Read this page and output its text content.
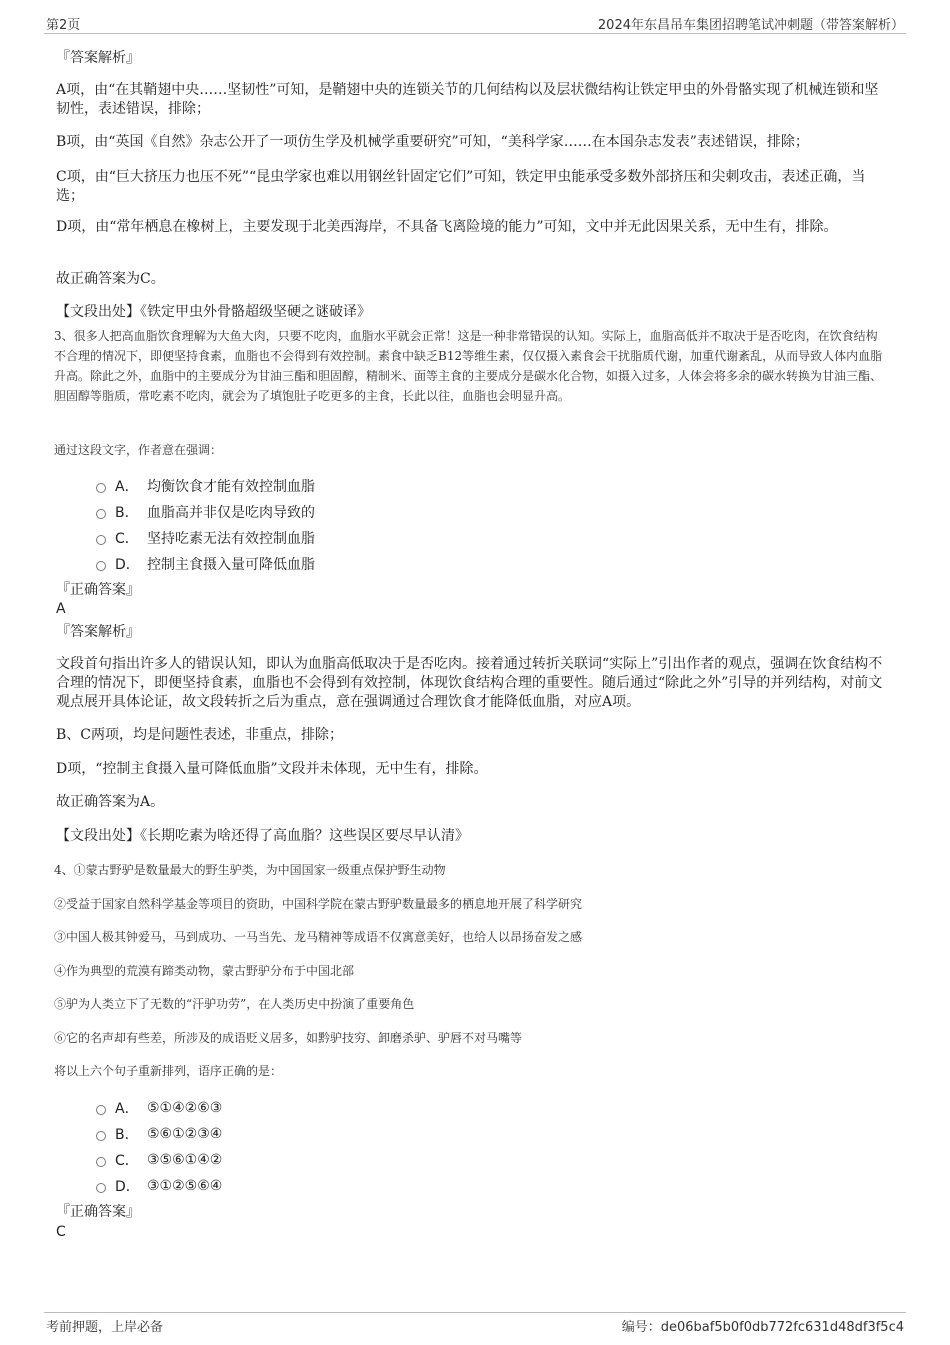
第2页	2024年东昌吊车集团招聘笔试冲刺题（带答案解析）
『答案解析』
A项，由“在其鞘翅中央……坚韧性”可知，是鞘翅中央的连锁关节的几何结构以及层状微结构让铁定甲虫的外骨骼实现了机械连锁和坚韧性，表述错误，排除；
B项，由“英国《自然》杂志公开了一项仿生学及机械学重要研究”可知，“美科学家……在本国杂志发表”表述错误，排除；
C项，由“巨大挤压力也压不死”“昆虫学家也难以用钢丝针固定它们”可知，铁定甲虫能承受多数外部挤压和尖刺攻击，表述正确，当选；
D项，由“常年栖息在橡树上，主要发现于北美西海岸，不具备飞离险境的能力”可知，文中并无此因果关系，无中生有，排除。
故正确答案为C。
【文段出处】《铁定甲虫外骨骼超级坚硬之谜破译》
3、很多人把高血脂饮食理解为大鱼大肉，只要不吃肉，血脂水平就会正常！这是一种非常错误的认知。实际上，血脂高低并不取决于是否吃肉，在饮食结构不合理的情况下，即便坚持食素，血脂也不会得到有效控制。素食中缺乏B12等维生素，仅仅摄入素食会干扰脂质代谢，加重代谢紊乱，从而导致人体内血脂升高。除此之外，血脂中的主要成分为甘油三酯和胆固醇，精制米、面等主食的主要成分是碳水化合物，如摄入过多，人体会将多余的碳水转换为甘油三酯、胆固醇等脂质，常吃素不吃肉，就会为了填饱肚子吃更多的主食，长此以往，血脂也会明显升高。
通过这段文字，作者意在强调：
A． 均衡饮食才能有效控制血脂
B． 血脂高并非仅是吃肉导致的
C． 坚持吃素无法有效控制血脂
D． 控制主食摄入量可降低血脂
『正确答案』
A
『答案解析』
文段首句指出许多人的错误认知，即认为血脂高低取决于是否吃肉。接着通过转折关联词“实际上”引出作者的观点，强调在饮食结构不合理的情况下，即便坚持食素，血脂也不会得到有效控制，体现饮食结构合理的重要性。随后通过“除此之外”引导的并列结构，对前文观点展开具体论证，故文段转折之后为重点，意在强调通过合理饮食才能降低血脂，对应A项。
B、C两项，均是问题性表述，非重点，排除；
D项，“控制主食摄入量可降低血脂”文段并未体现，无中生有，排除。
故正确答案为A。
【文段出处】《长期吃素为啥还得了高血脂？这些误区要尽早认清》
4、①蒙古野驴是数量最大的野生驴类，为中国国家一级重点保护野生动物
②受益于国家自然科学基金等项目的资助，中国科学院在蒙古野驴数量最多的栖息地开展了科学研究
③中国人极其钟爱马，马到成功、一马当先、龙马精神等成语不仅寓意美好，也给人以昂扬奋发之感
④作为典型的荒漠有蹄类动物，蒙古野驴分布于中国北部
⑤驴为人类立下了无数的“汗驴功劳”，在人类历史中扮演了重要角色
⑥它的名声却有些差，所涉及的成语贬义居多，如黔驴技穷、卸磨杀驴、驴唇不对马嘴等
将以上六个句子重新排列，语序正确的是：
A． ⑤①④②⑥③
B． ⑤⑥①②③④
C． ③⑤⑥①④②
D． ③①②⑤⑥④
『正确答案』
C
考前押题，上岸必备	编号：de06baf5b0f0db772fc631d48df3f5c4
